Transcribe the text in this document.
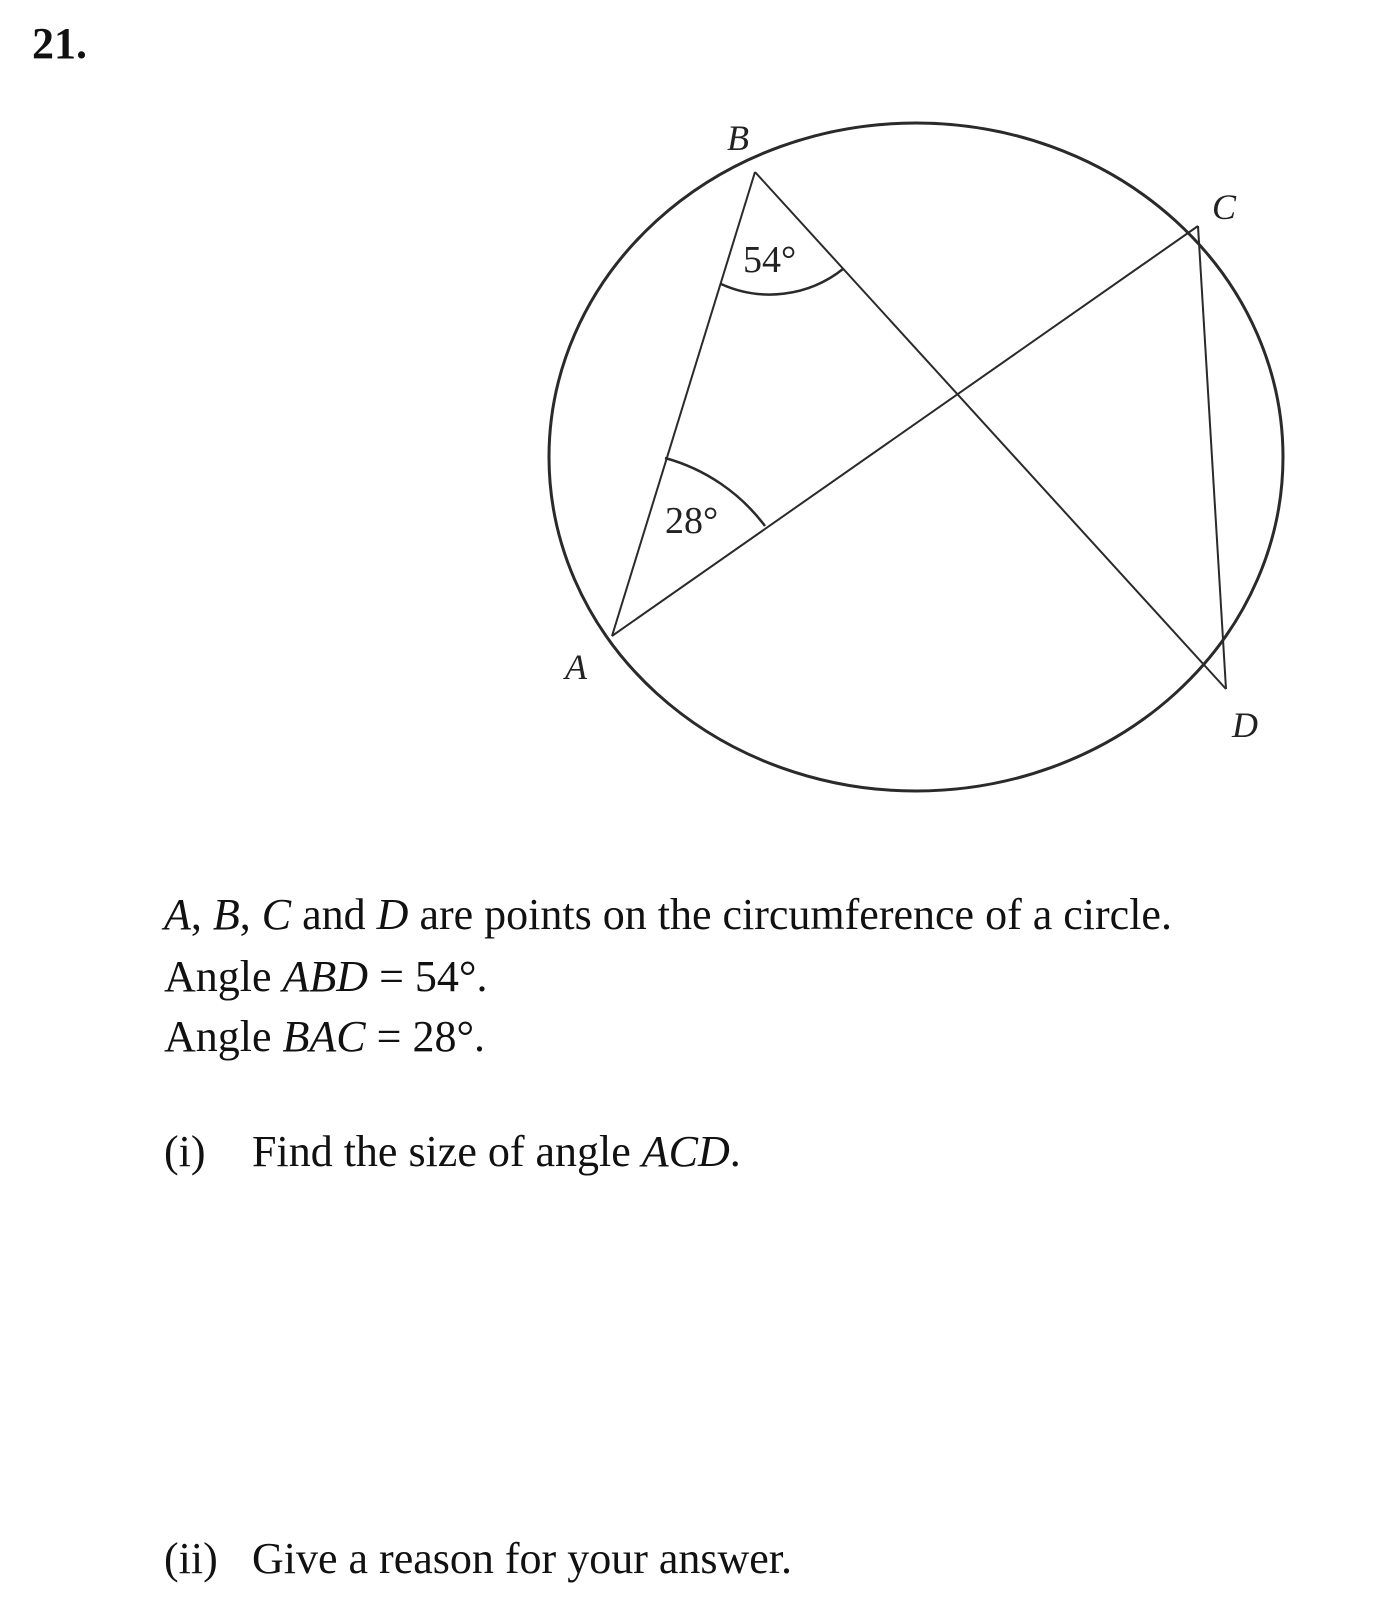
21.
54°
28°
A
B
C
D
A, B, C and D are points on the circumference of a circle.
Angle ABD = 54°.
Angle BAC = 28°.
(i) Find the size of angle ACD.
(ii) Give a reason for your answer.
